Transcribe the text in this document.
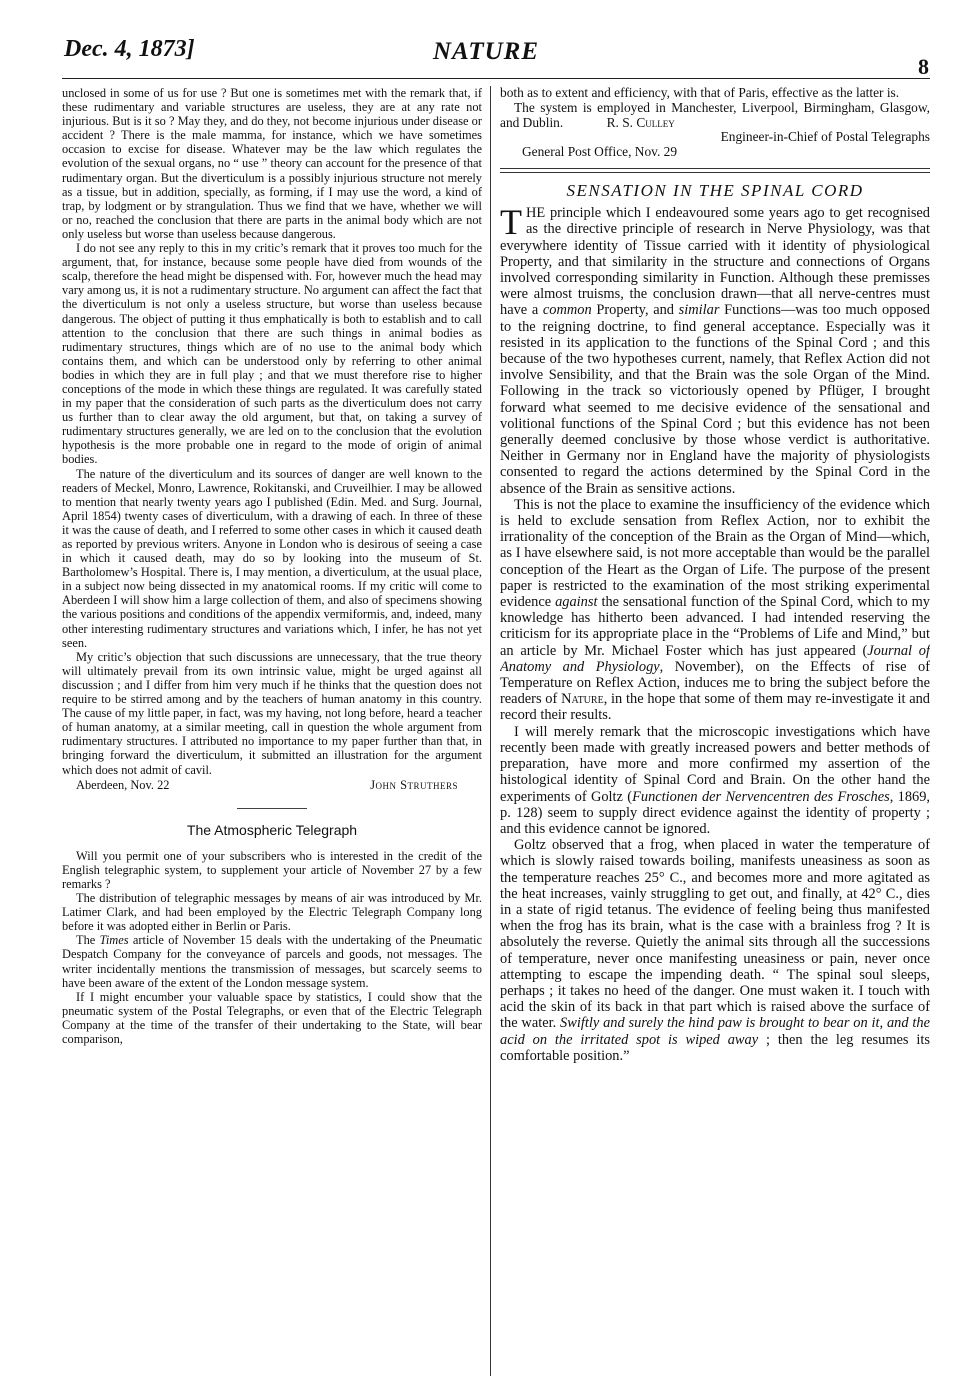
Dec. 4, 1873]	NATURE
8

unclosed in some of us for use ? But one is sometimes met with the remark that, if these rudimentary and variable structures are useless, they are at any rate not injurious. But is it so ? May they, and do they, not become injurious under disease or accident ? There is the male mamma, for instance, which we have sometimes occasion to excise for disease. Whatever may be the law which regulates the evolution of the sexual organs, no “ use ” theory can account for the presence of that rudimentary organ. But the diverticulum is a possibly injurious structure not merely as a tissue, but in addition, specially, as forming, if I may use the word, a kind of trap, by lodgment or by strangulation. Thus we find that we have, whether we will or no, reached the conclusion that there are parts in the animal body which are not only useless but worse than useless because dangerous.

I do not see any reply to this in my critic’s remark that it proves too much for the argument, that, for instance, because some people have died from wounds of the scalp, therefore the head might be dispensed with. For, however much the head may vary among us, it is not a rudimentary structure. No argument can affect the fact that the diverticulum is not only a useless structure, but worse than useless because dangerous. The object of putting it thus emphatically is both to establish and to call attention to the conclusion that there are such things in animal bodies as rudimentary structures, things which are of no use to the animal body which contains them, and which can be understood only by referring to other animal bodies in which they are in full play ; and that we must therefore rise to higher conceptions of the mode in which these things are regulated. It was carefully stated in my paper that the consideration of such parts as the diverticulum does not carry us further than to clear away the old argument, but that, on taking a survey of rudimentary structures generally, we are led on to the conclusion that the evolution hypothesis is the more probable one in regard to the mode of origin of animal bodies.

The nature of the diverticulum and its sources of danger are well known to the readers of Meckel, Monro, Lawrence, Rokitanski, and Cruveilhier. I may be allowed to mention that nearly twenty years ago I published (Edin. Med. and Surg. Journal, April 1854) twenty cases of diverticulum, with a drawing of each. In three of these it was the cause of death, and I referred to some other cases in which it caused death as reported by previous writers. Anyone in London who is desirous of seeing a case in which it caused death, may do so by looking into the museum of St. Bartholomew’s Hospital. There is, I may mention, a diverticulum, at the usual place, in a subject now being dissected in my anatomical rooms. If my critic will come to Aberdeen I will show him a large collection of them, and also of specimens showing the various positions and conditions of the appendix vermiformis, and, indeed, many other interesting rudimentary structures and variations which, I infer, he has not yet seen.

My critic’s objection that such discussions are unnecessary, that the true theory will ultimately prevail from its own intrinsic value, might be urged against all discussion ; and I differ from him very much if he thinks that the question does not require to be stirred among and by the teachers of human anatomy in this country. The cause of my little paper, in fact, was my having, not long before, heard a teacher of human anatomy, at a similar meeting, call in question the whole argument from rudimentary structures. I attributed no importance to my paper further than that, in bringing forward the diverticulum, it submitted an illustration for the argument which does not admit of cavil.

Aberdeen, Nov. 22	John Struthers
The Atmospheric Telegraph

Will you permit one of your subscribers who is interested in the credit of the English telegraphic system, to supplement your article of November 27 by a few remarks ?

The distribution of telegraphic messages by means of air was introduced by Mr. Latimer Clark, and had been employed by the Electric Telegraph Company long before it was adopted either in Berlin or Paris.

The Times article of November 15 deals with the undertaking of the Pneumatic Despatch Company for the conveyance of parcels and goods, not messages. The writer incidentally mentions the transmission of messages, but scarcely seems to have been aware of the extent of the London message system.

If I might encumber your valuable space by statistics, I could show that the pneumatic system of the Postal Telegraphs, or even that of the Electric Telegraph Company at the time of the transfer of their undertaking to the State, will bear comparison,

both as to extent and efficiency, with that of Paris, effective as the latter is.

The system is employed in Manchester, Liverpool, Birmingham, Glasgow, and Dublin.	R. S. Culley

Engineer-in-Chief of Postal Telegraphs
General Post Office, Nov. 29
SENSATION IN THE SPINAL CORD

THE principle which I endeavoured some years ago to get recognised as the directive principle of research in Nerve Physiology, was that everywhere identity of Tissue carried with it identity of physiological Property, and that similarity in the structure and connections of Organs involved corresponding similarity in Function. Although these premisses were almost truisms, the conclusion drawn—that all nerve-centres must have a common Property, and similar Functions—was too much opposed to the reigning doctrine, to find general acceptance. Especially was it resisted in its application to the functions of the Spinal Cord ; and this because of the two hypotheses current, namely, that Reflex Action did not involve Sensibility, and that the Brain was the sole Organ of the Mind. Following in the track so victoriously opened by Pflüger, I brought forward what seemed to me decisive evidence of the sensational and volitional functions of the Spinal Cord ; but this evidence has not been generally deemed conclusive by those whose verdict is authoritative. Neither in Germany nor in England have the majority of physiologists consented to regard the actions determined by the Spinal Cord in the absence of the Brain as sensitive actions.

This is not the place to examine the insufficiency of the evidence which is held to exclude sensation from Reflex Action, nor to exhibit the irrationality of the conception of the Brain as the Organ of Mind—which, as I have elsewhere said, is not more acceptable than would be the parallel conception of the Heart as the Organ of Life. The purpose of the present paper is restricted to the examination of the most striking experimental evidence against the sensational function of the Spinal Cord, which to my knowledge has hitherto been advanced. I had intended reserving the criticism for its appropriate place in the “Problems of Life and Mind,” but an article by Mr. Michael Foster which has just appeared (Journal of Anatomy and Physiology, November), on the Effects of rise of Temperature on Reflex Action, induces me to bring the subject before the readers of Nature, in the hope that some of them may re-investigate it and record their results.

I will merely remark that the microscopic investigations which have recently been made with greatly increased powers and better methods of preparation, have more and more confirmed my assertion of the histological identity of Spinal Cord and Brain. On the other hand the experiments of Goltz (Functionen der Nervencentren des Frosches, 1869, p. 128) seem to supply direct evidence against the identity of property ; and this evidence cannot be ignored.

Goltz observed that a frog, when placed in water the temperature of which is slowly raised towards boiling, manifests uneasiness as soon as the temperature reaches 25° C., and becomes more and more agitated as the heat increases, vainly struggling to get out, and finally, at 42° C., dies in a state of rigid tetanus. The evidence of feeling being thus manifested when the frog has its brain, what is the case with a brainless frog ? It is absolutely the reverse. Quietly the animal sits through all the successions of temperature, never once manifesting uneasiness or pain, never once attempting to escape the impending death. “ The spinal soul sleeps, perhaps ; it takes no heed of the danger. One must waken it. I touch with acid the skin of its back in that part which is raised above the surface of the water. Swiftly and surely the hind paw is brought to bear on it, and the acid on the irritated spot is wiped away ; then the leg resumes its comfortable position.”
